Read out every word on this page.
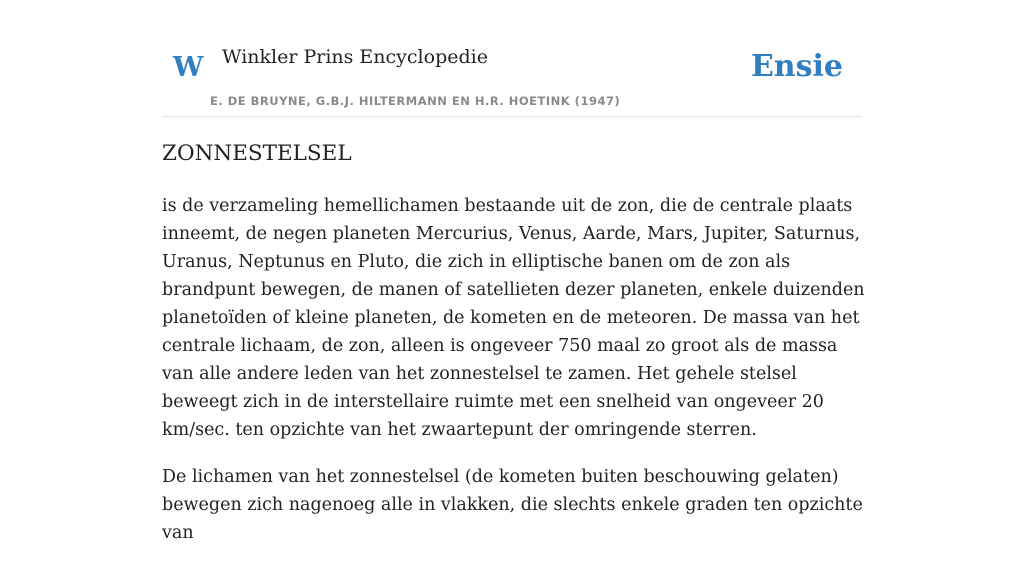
W Winkler Prins Encyclopedie
E. DE BRUYNE, G.B.J. HILTERMANN EN H.R. HOETINK (1947)
Ensie
ZONNESTELSEL

is de verzameling hemellichamen bestaande uit de zon, die de centrale plaats inneemt, de negen planeten Mercurius, Venus, Aarde, Mars, Jupiter, Saturnus, Uranus, Neptunus en Pluto, die zich in elliptische banen om de zon als brandpunt bewegen, de manen of satellieten dezer planeten, enkele duizenden planetoïden of kleine planeten, de kometen en de meteoren. De massa van het centrale lichaam, de zon, alleen is ongeveer 750 maal zo groot als de massa van alle andere leden van het zonnestelsel te zamen. Het gehele stelsel beweegt zich in de interstellaire ruimte met een snelheid van ongeveer 20 km/sec. ten opzichte van het zwaartepunt der omringende sterren.

De lichamen van het zonnestelsel (de kometen buiten beschouwing gelaten) bewegen zich nagenoeg alle in vlakken, die slechts enkele graden ten opzichte van
